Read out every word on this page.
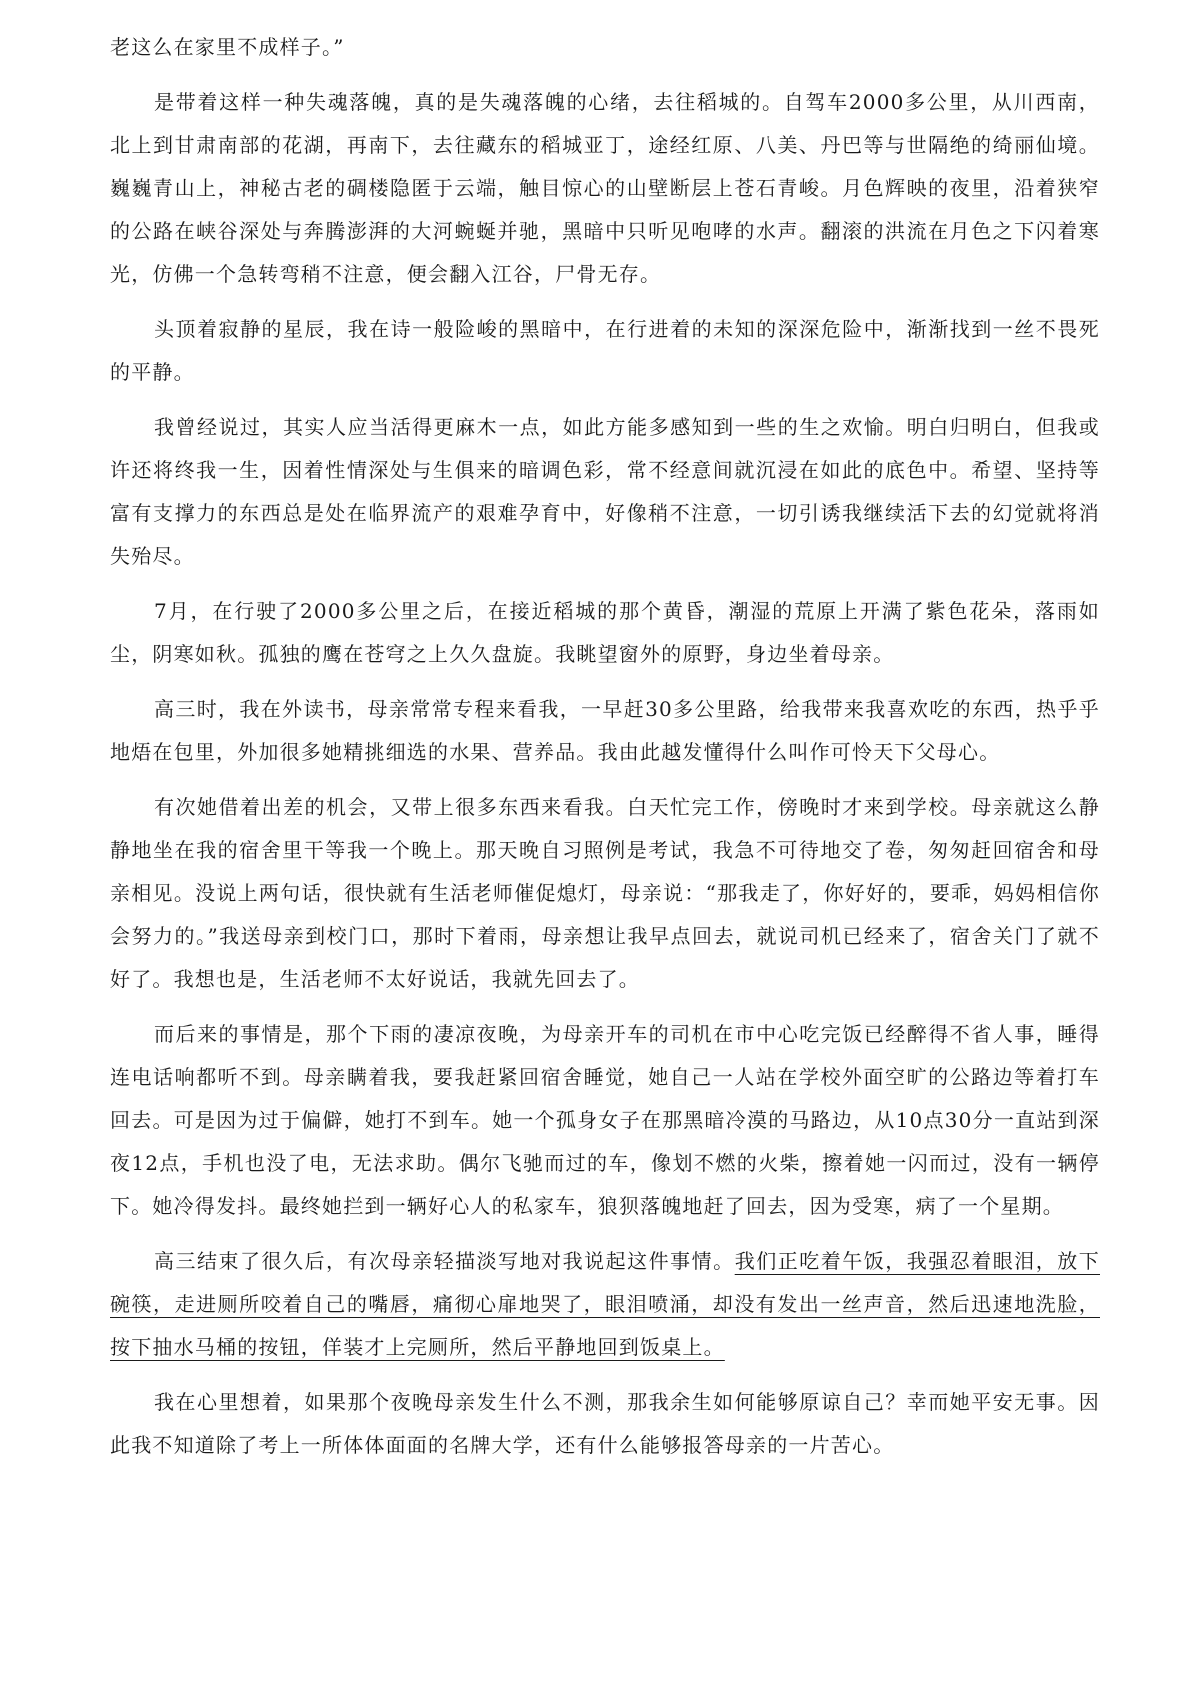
老这么在家里不成样子。”

是带着这样一种失魂落魄，真的是失魂落魄的心绪，去往稻城的。自驾车2000多公里，从川西南，北上到甘肃南部的花湖，再南下，去往藏东的稻城亚丁，途经红原、八美、丹巴等与世隔绝的绮丽仙境。巍巍青山上，神秘古老的碉楼隐匿于云端，触目惊心的山壁断层上苍石青峻。月色辉映的夜里，沿着狭窄的公路在峡谷深处与奔腾澎湃的大河蜿蜒并驰，黑暗中只听见咆哮的水声。翻滚的洪流在月色之下闪着寒光，仿佛一个急转弯稍不注意，便会翻入江谷，尸骨无存。

头顶着寂静的星辰，我在诗一般险峻的黑暗中，在行进着的未知的深深危险中，渐渐找到一丝不畏死的平静。

我曾经说过，其实人应当活得更麻木一点，如此方能多感知到一些的生之欢愉。明白归明白，但我或许还将终我一生，因着性情深处与生俱来的暗调色彩，常不经意间就沉浸在如此的底色中。希望、坚持等富有支撑力的东西总是处在临界流产的艰难孕育中，好像稍不注意，一切引诱我继续活下去的幻觉就将消失殆尽。

7月，在行驶了2000多公里之后，在接近稻城的那个黄昏，潮湿的荒原上开满了紫色花朵，落雨如尘，阴寒如秋。孤独的鹰在苍穹之上久久盘旋。我眺望窗外的原野，身边坐着母亲。

高三时，我在外读书，母亲常常专程来看我，一早赶30多公里路，给我带来我喜欢吃的东西，热乎乎地焐在包里，外加很多她精挑细选的水果、营养品。我由此越发懂得什么叫作可怜天下父母心。

有次她借着出差的机会，又带上很多东西来看我。白天忙完工作，傍晚时才来到学校。母亲就这么静静地坐在我的宿舍里干等我一个晚上。那天晚自习照例是考试，我急不可待地交了卷，匆匆赶回宿舍和母亲相见。没说上两句话，很快就有生活老师催促熄灯，母亲说：“那我走了，你好好的，要乖，妈妈相信你会努力的。”我送母亲到校门口，那时下着雨，母亲想让我早点回去，就说司机已经来了，宿舍关门了就不好了。我想也是，生活老师不太好说话，我就先回去了。

而后来的事情是，那个下雨的凄凉夜晚，为母亲开车的司机在市中心吃完饭已经醉得不省人事，睡得连电话响都听不到。母亲瞒着我，要我赶紧回宿舍睡觉，她自己一人站在学校外面空旷的公路边等着打车回去。可是因为过于偏僻，她打不到车。她一个孤身女子在那黑暗冷漠的马路边，从10点30分一直站到深夜12点，手机也没了电，无法求助。偶尔飞驰而过的车，像划不燃的火柴，擦着她一闪而过，没有一辆停下。她冷得发抖。最终她拦到一辆好心人的私家车，狼狈落魄地赶了回去，因为受寒，病了一个星期。

高三结束了很久后，有次母亲轻描淡写地对我说起这件事情。我们正吃着午饭，我强忍着眼泪，放下碗筷，走进厕所咬着自己的嘴唇，痛彻心扉地哭了，眼泪喷涌，却没有发出一丝声音，然后迅速地洗脸，按下抽水马桶的按钮，佯装才上完厕所，然后平静地回到饭桌上。

我在心里想着，如果那个夜晚母亲发生什么不测，那我余生如何能够原谅自己？幸而她平安无事。因此我不知道除了考上一所体体面面的名牌大学，还有什么能够报答母亲的一片苦心。
